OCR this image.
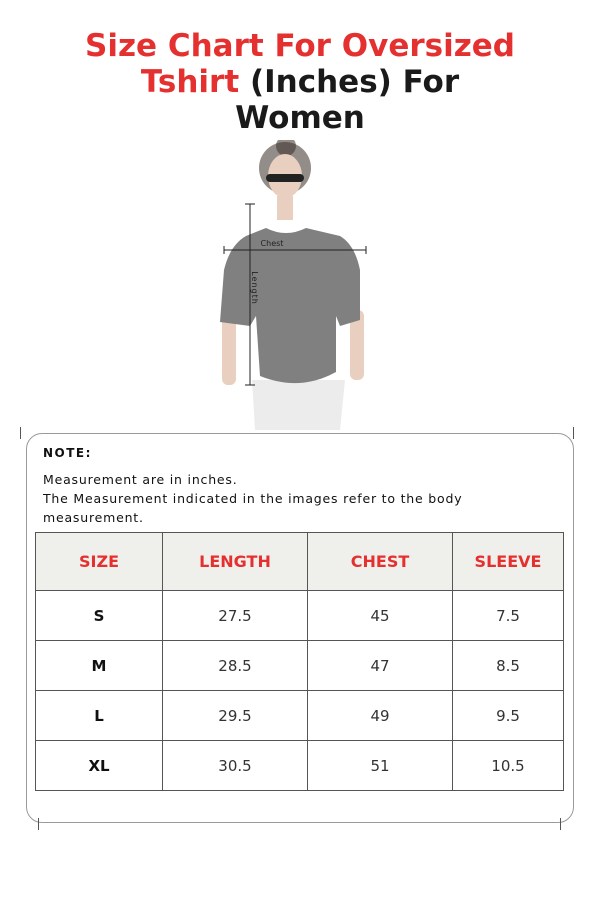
Size Chart For Oversized
Tshirt (Inches) For
Women
Length
Chest
NOTE:
Measurement are in inches.
The Measurement indicated in the images refer to the body measurement.
SIZE	LENGTH	CHEST	SLEEVE
S	27.5	45	7.5
M	28.5	47	8.5
L	29.5	49	9.5
XL	30.5	51	10.5
